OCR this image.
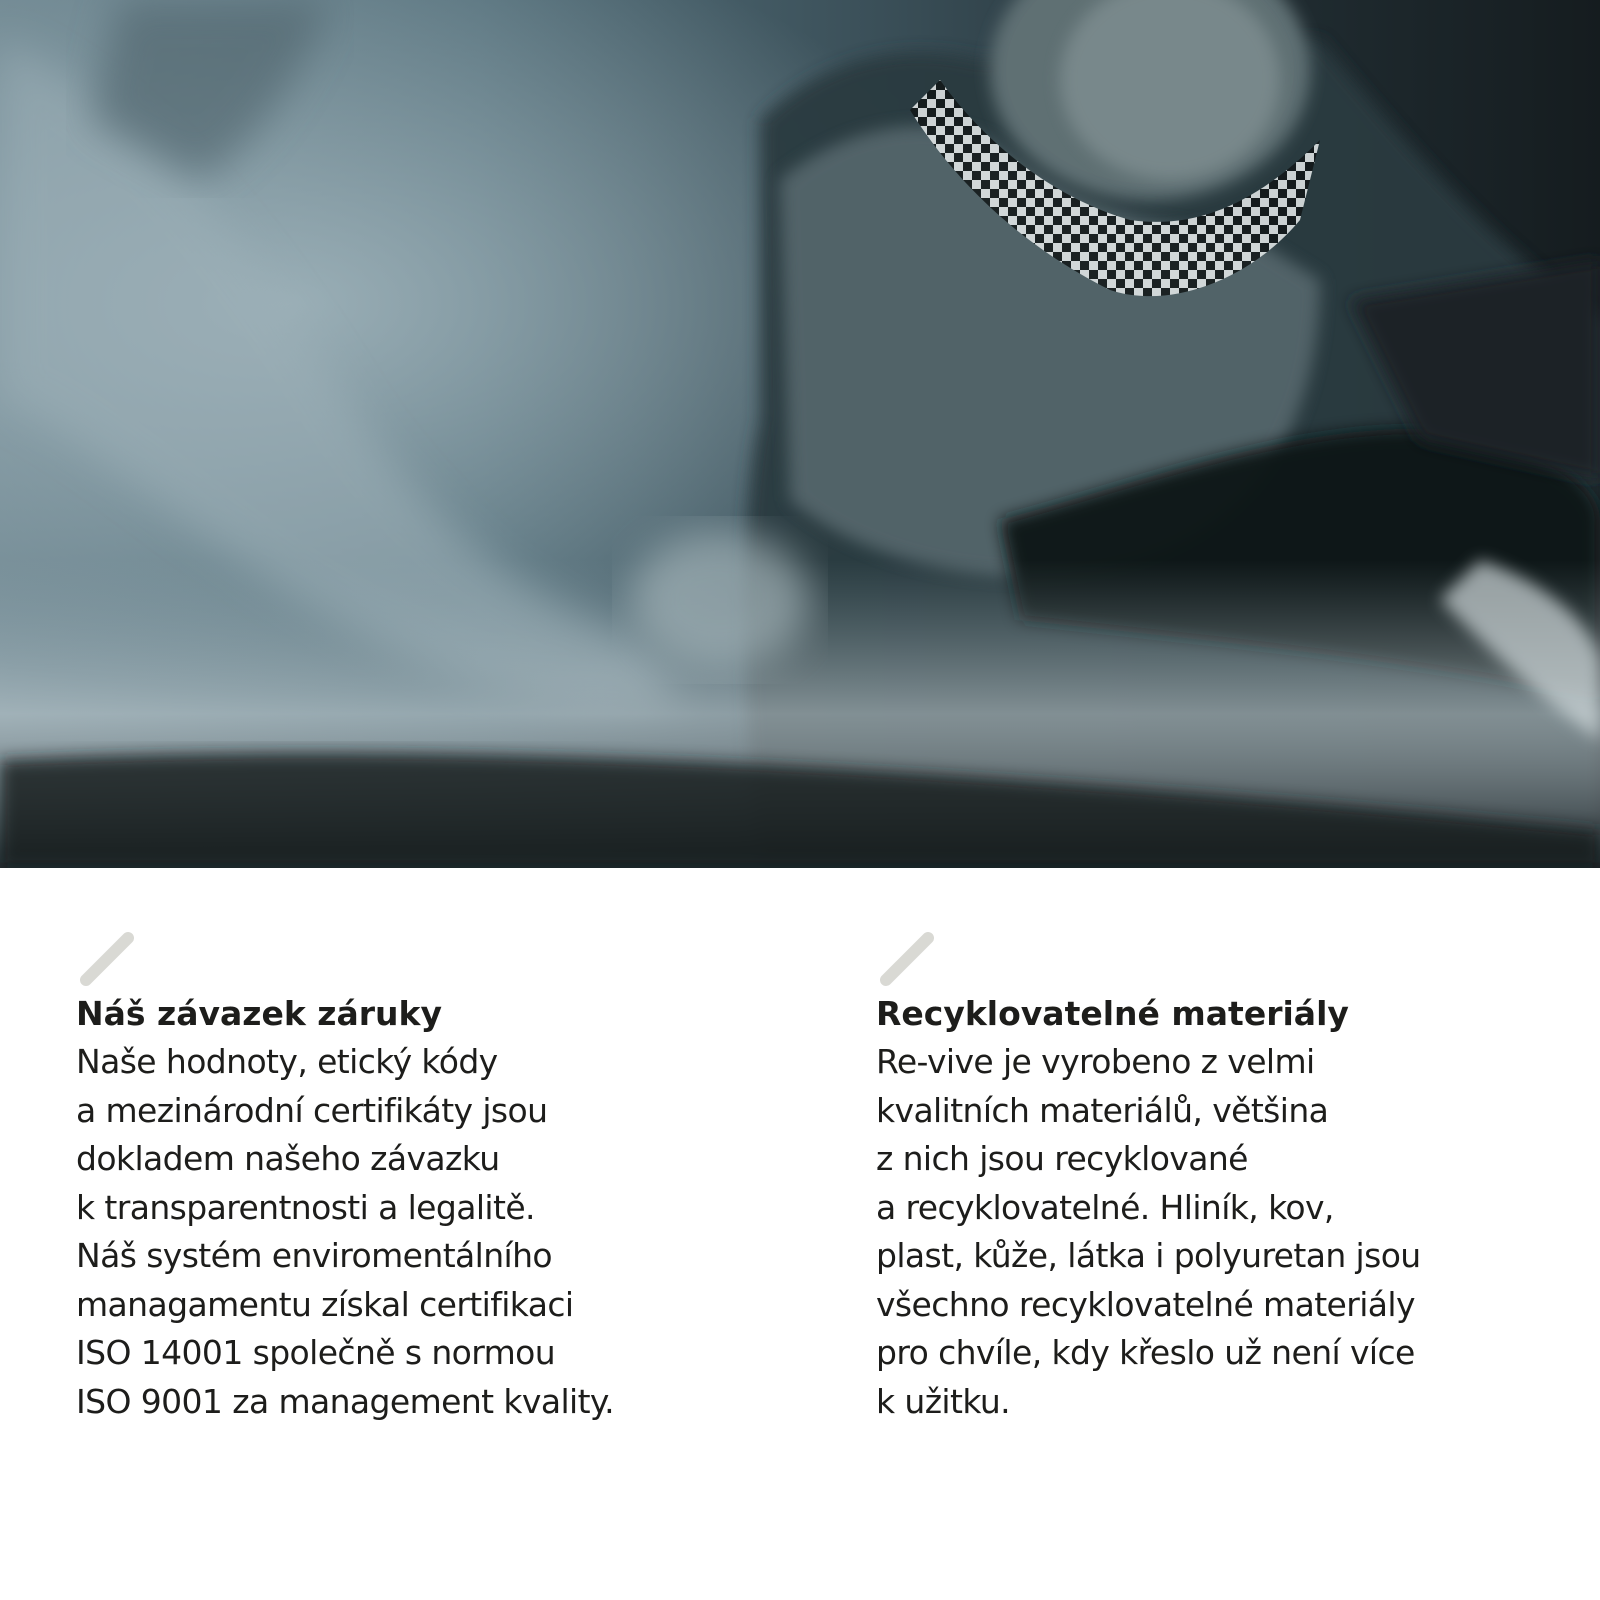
Náš závazek záruky
Naše hodnoty, etický kódy
a mezinárodní certifikáty jsou
dokladem našeho závazku
k transparentnosti a legalitě.
Náš systém enviromentálního
managamentu získal certifikaci
ISO 14001 společně s normou
ISO 9001 za management kvality.
Recyklovatelné materiály
Re-vive je vyrobeno z velmi
kvalitních materiálů, většina
z nich jsou recyklované
a recyklovatelné. Hliník, kov,
plast, kůže, látka i polyuretan jsou
všechno recyklovatelné materiály
pro chvíle, kdy křeslo už není více
k užitku.
